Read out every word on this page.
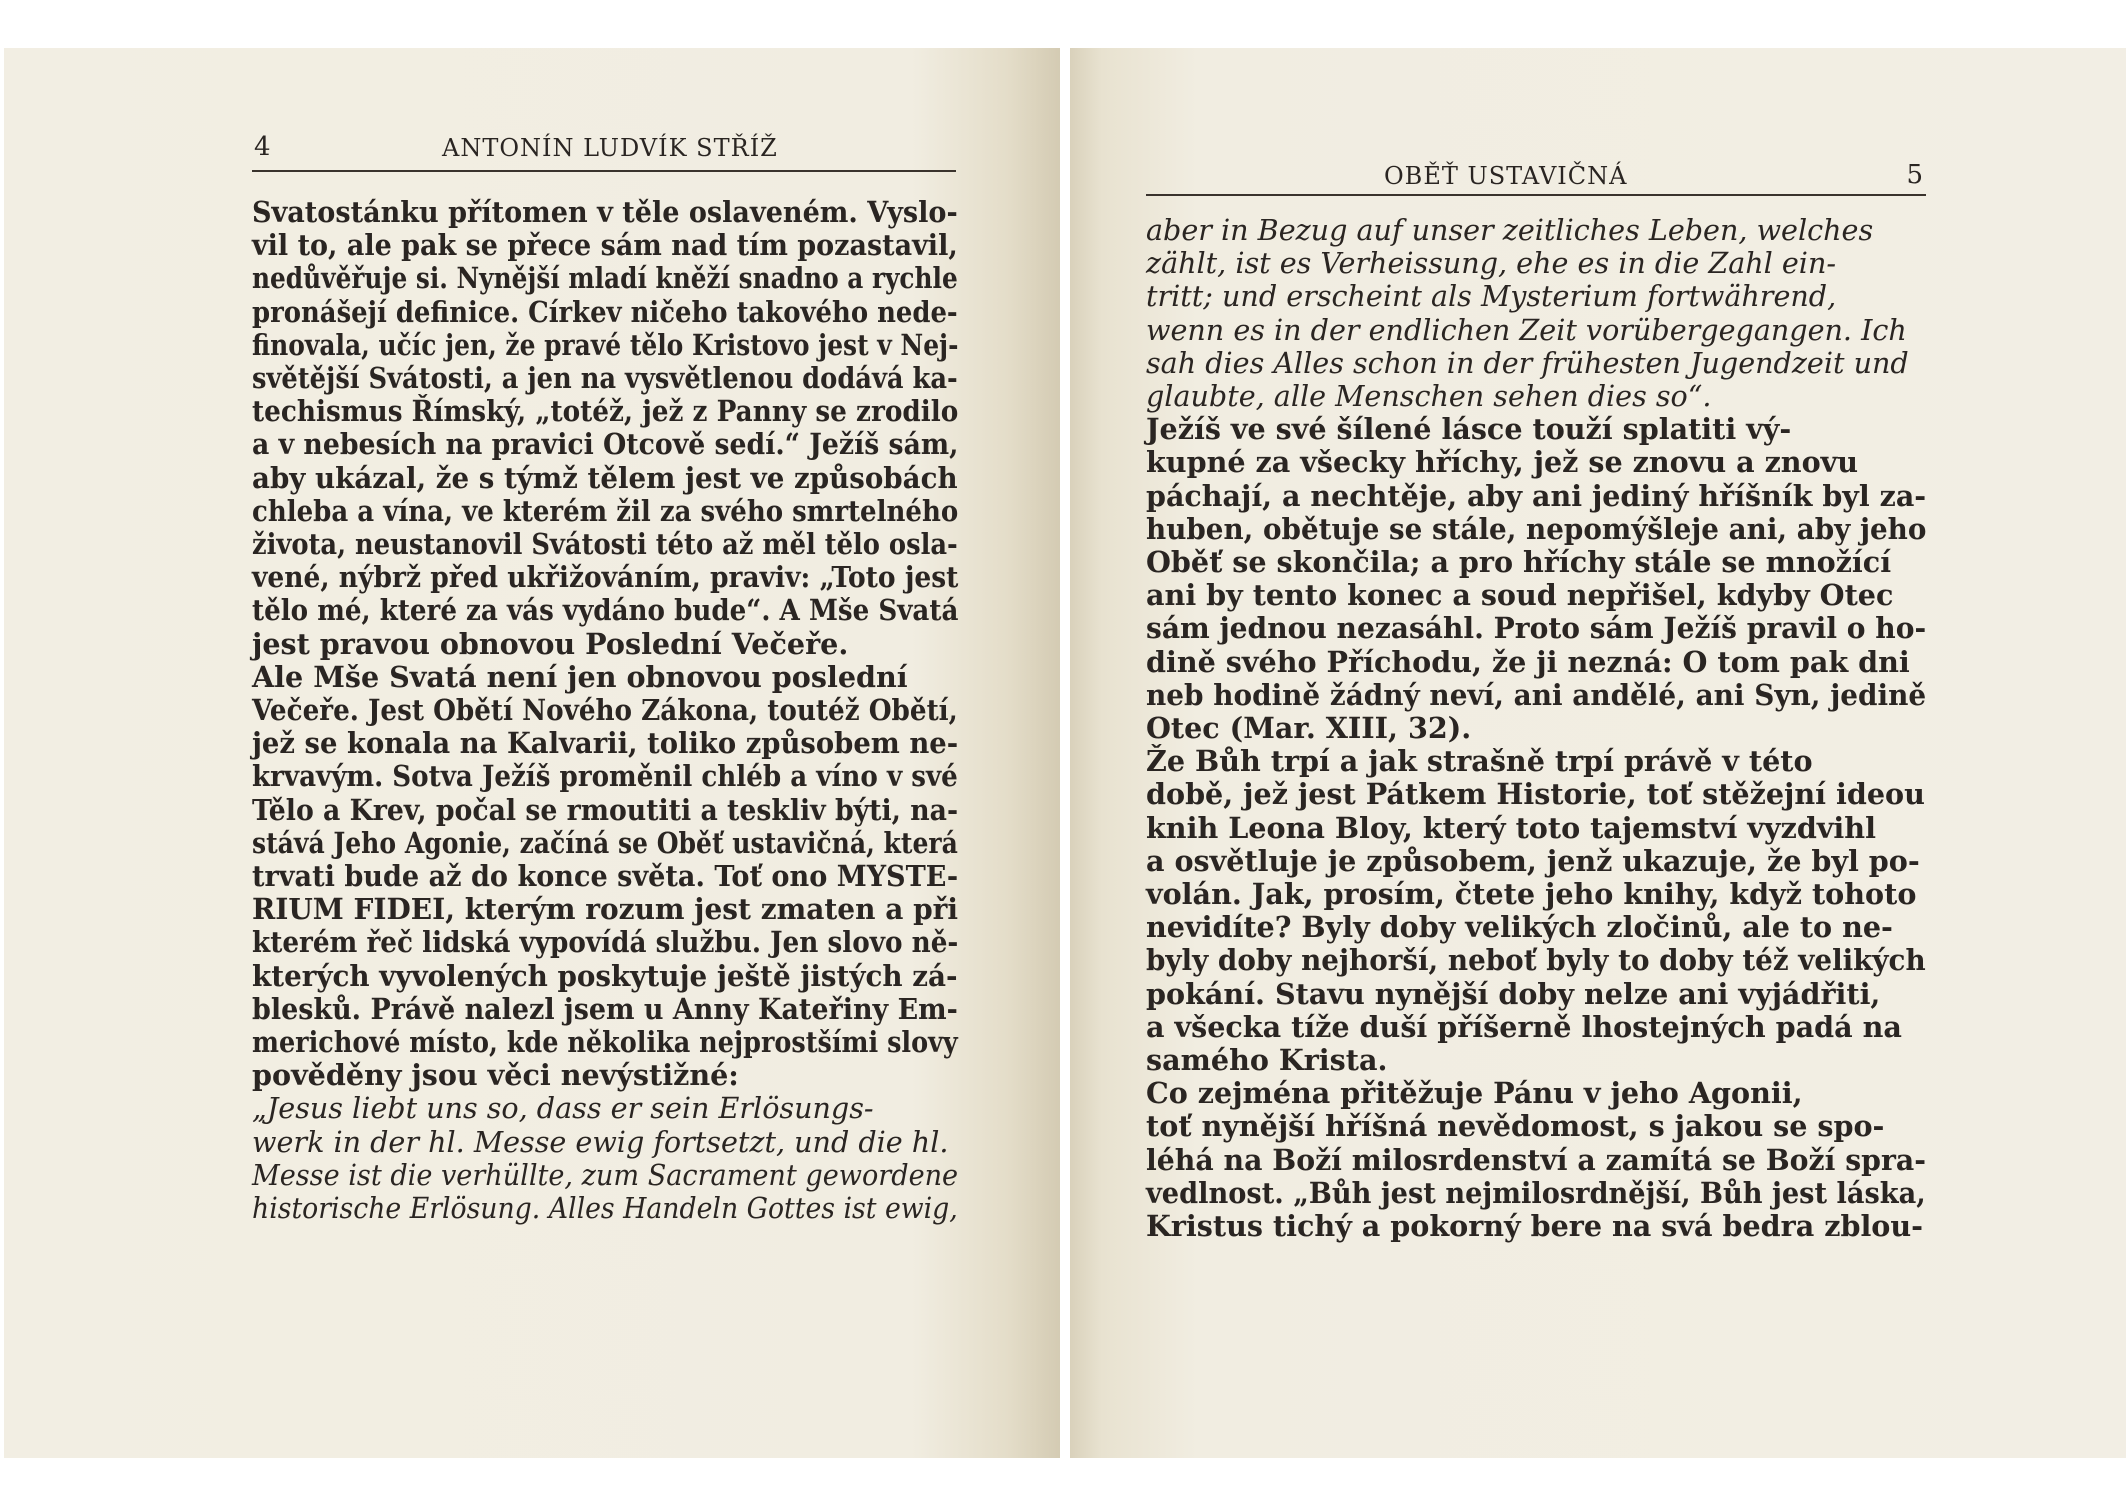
4	ANTONÍN LUDVÍK STŘÍŽ
Svatostánku přítomen v těle oslaveném. Vyslo-
vil to, ale pak se přece sám nad tím pozastavil,
nedůvěřuje si. Nynější mladí kněží snadno a rychle
pronášejí definice. Církev ničeho takového nede-
finovala, učíc jen, že pravé tělo Kristovo jest v Nej-
světější Svátosti, a jen na vysvětlenou dodává ka-
techismus Římský, „totéž, jež z Panny se zrodilo
a v nebesích na pravici Otcově sedí.“ Ježíš sám,
aby ukázal, že s týmž tělem jest ve způsobách
chleba a vína, ve kterém žil za svého smrtelného
života, neustanovil Svátosti této až měl tělo osla-
vené, nýbrž před ukřižováním, praviv: „Toto jest
tělo mé, které za vás vydáno bude“. A Mše Svatá
jest pravou obnovou Poslední Večeře.
Ale Mše Svatá není jen obnovou poslední
Večeře. Jest Obětí Nového Zákona, toutéž Obětí,
jež se konala na Kalvarii, toliko způsobem ne-
krvavým. Sotva Ježíš proměnil chléb a víno v své
Tělo a Krev, počal se rmoutiti a teskliv býti, na-
stává Jeho Agonie, začíná se Oběť ustavičná, která
trvati bude až do konce světa. Toť ono MYSTE-
RIUM FIDEI, kterým rozum jest zmaten a při
kterém řeč lidská vypovídá službu. Jen slovo ně-
kterých vyvolených poskytuje ještě jistých zá-
blesků. Právě nalezl jsem u Anny Kateřiny Em-
merichové místo, kde několika nejprostšími slovy
pověděny jsou věci nevýstižné:
„Jesus liebt uns so, dass er sein Erlösungs-
werk in der hl. Messe ewig fortsetzt, und die hl.
Messe ist die verhüllte, zum Sacrament gewordene
historische Erlösung. Alles Handeln Gottes ist ewig,
OBĚŤ USTAVIČNÁ	5
aber in Bezug auf unser zeitliches Leben, welches
zählt, ist es Verheissung, ehe es in die Zahl ein-
tritt; und erscheint als Mysterium fortwährend,
wenn es in der endlichen Zeit vorübergegangen. Ich
sah dies Alles schon in der frühesten Jugendzeit und
glaubte, alle Menschen sehen dies so“.
Ježíš ve své šílené lásce touží splatiti vý-
kupné za všecky hříchy, jež se znovu a znovu
páchají, a nechtěje, aby ani jediný hříšník byl za-
huben, obětuje se stále, nepomýšleje ani, aby jeho
Oběť se skončila; a pro hříchy stále se množící
ani by tento konec a soud nepřišel, kdyby Otec
sám jednou nezasáhl. Proto sám Ježíš pravil o ho-
dině svého Příchodu, že ji nezná: O tom pak dni
neb hodině žádný neví, ani andělé, ani Syn, jedině
Otec (Mar. XIII, 32).
Že Bůh trpí a jak strašně trpí právě v této
době, jež jest Pátkem Historie, toť stěžejní ideou
knih Leona Bloy, který toto tajemství vyzdvihl
a osvětluje je způsobem, jenž ukazuje, že byl po-
volán. Jak, prosím, čtete jeho knihy, když tohoto
nevidíte? Byly doby velikých zločinů, ale to ne-
byly doby nejhorší, neboť byly to doby též velikých
pokání. Stavu nynější doby nelze ani vyjádřiti,
a všecka tíže duší příšerně lhostejných padá na
samého Krista.
Co zejména přitěžuje Pánu v jeho Agonii,
toť nynější hříšná nevědomost, s jakou se spo-
léhá na Boží milosrdenství a zamítá se Boží spra-
vedlnost. „Bůh jest nejmilosrdnější, Bůh jest láska,
Kristus tichý a pokorný bere na svá bedra zblou-
